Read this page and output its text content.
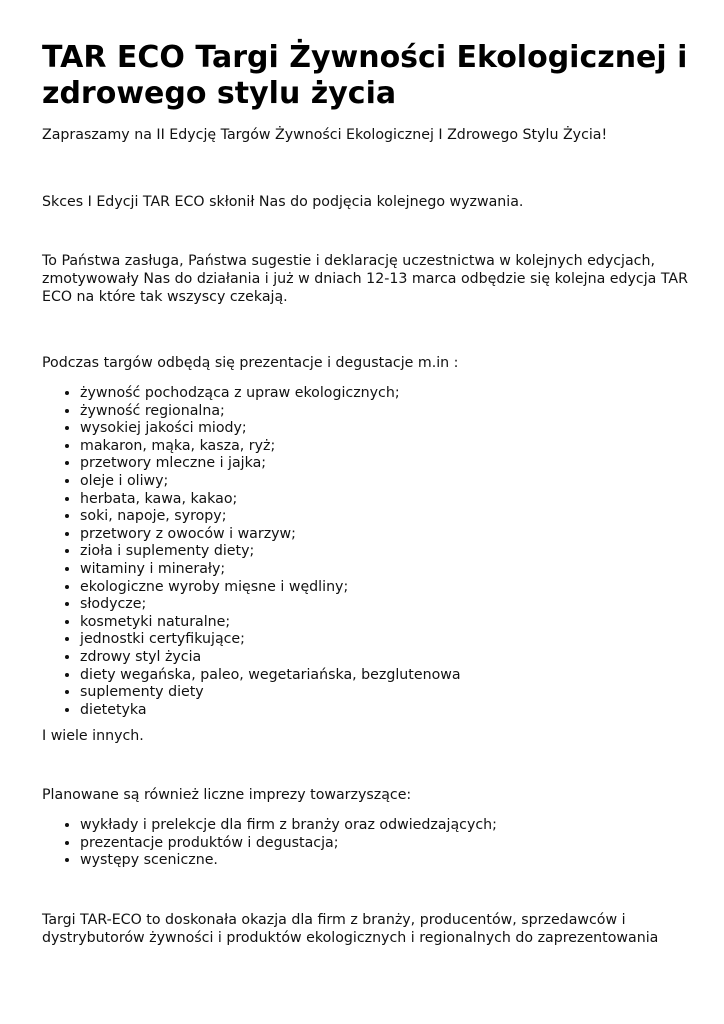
TAR ECO Targi Żywności Ekologicznej i zdrowego stylu życia

Zapraszamy na II Edycję Targów Żywności Ekologicznej I Zdrowego Stylu Życia!

Skces I Edycji TAR ECO skłonił Nas do podjęcia kolejnego wyzwania.

To Państwa zasługa, Państwa sugestie i deklarację uczestnictwa w kolejnych edycjach, zmotywowały Nas do działania i już w dniach 12-13 marca odbędzie się kolejna edycja TAR ECO na które tak wszyscy czekają.

Podczas targów odbędą się prezentacje i degustacje m.in :

• żywność pochodząca z upraw ekologicznych;
• żywność regionalna;
• wysokiej jakości miody;
• makaron, mąka, kasza, ryż;
• przetwory mleczne i jajka;
• oleje i oliwy;
• herbata, kawa, kakao;
• soki, napoje, syropy;
• przetwory z owoców i warzyw;
• zioła i suplementy diety;
• witaminy i minerały;
• ekologiczne wyroby mięsne i wędliny;
• słodycze;
• kosmetyki naturalne;
• jednostki certyfikujące;
• zdrowy styl życia
• diety wegańska, paleo, wegetariańska, bezglutenowa
• suplementy diety
• dietetyka

I wiele innych.

Planowane są również liczne imprezy towarzyszące:

• wykłady i prelekcje dla firm z branży oraz odwiedzających;
• prezentacje produktów i degustacja;
• występy sceniczne.

Targi TAR-ECO to doskonała okazja dla firm z branży, producentów, sprzedawców i dystrybutorów żywności i produktów ekologicznych i regionalnych do zaprezentowania
